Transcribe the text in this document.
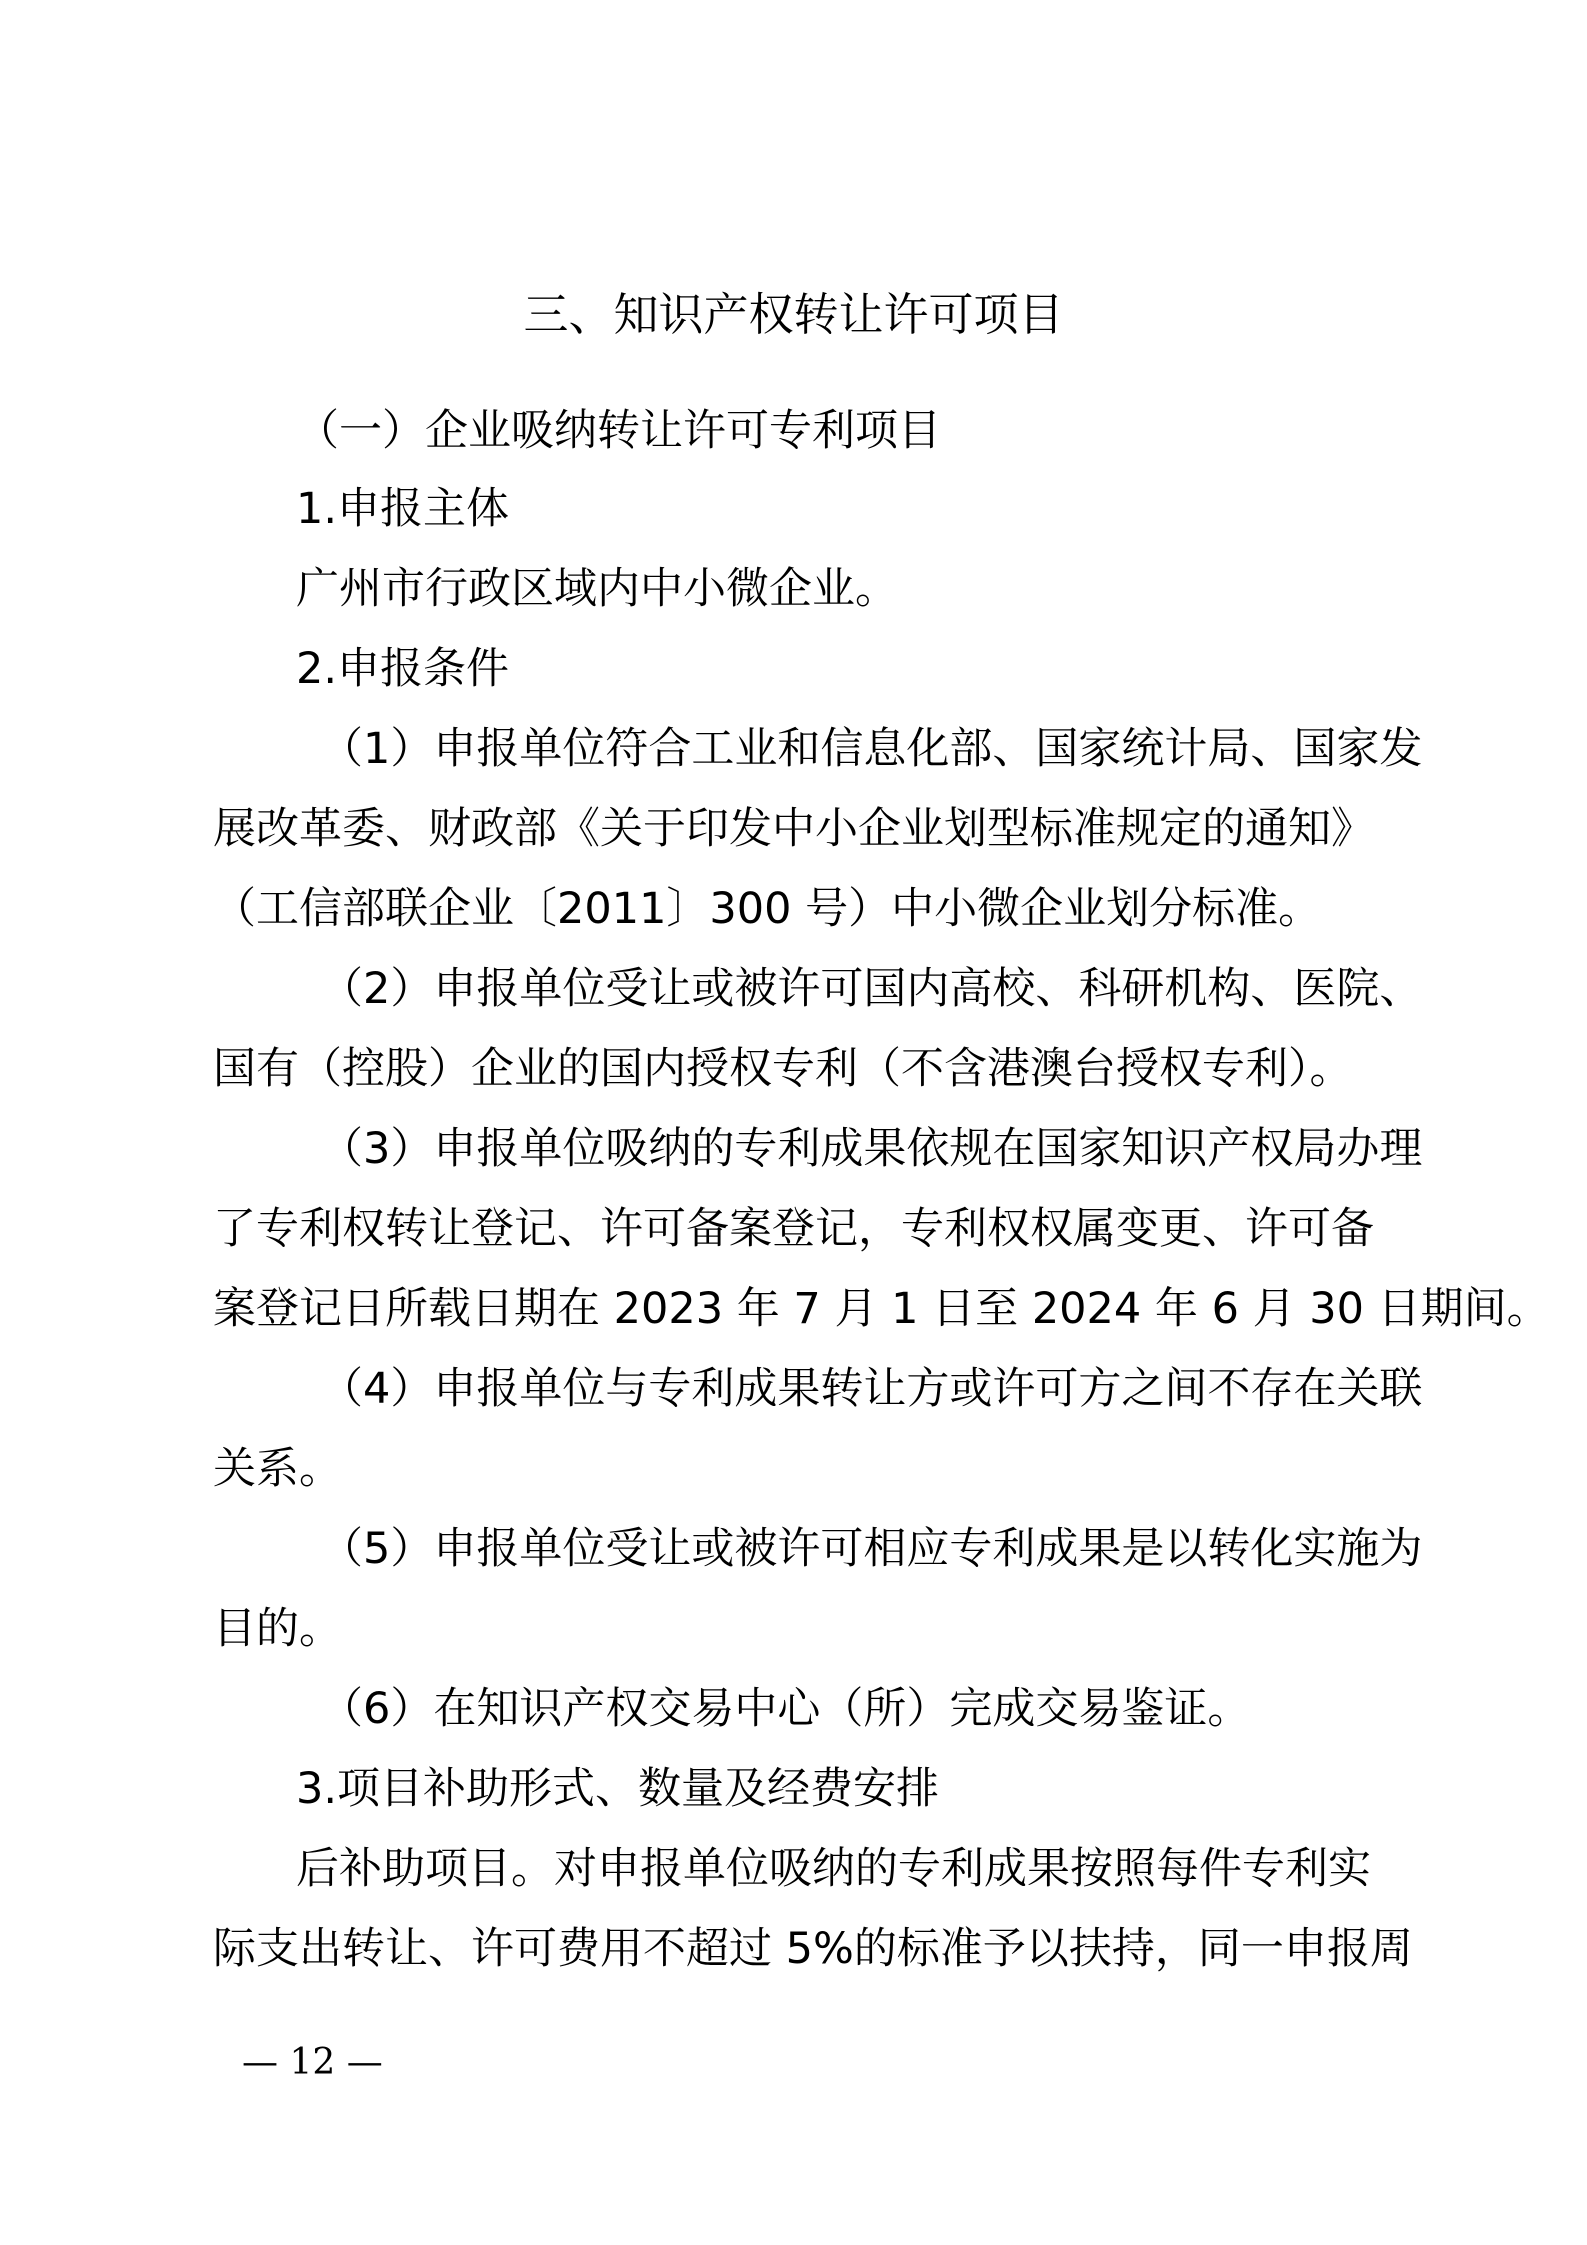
三、知识产权转让许可项目
（一）企业吸纳转让许可专利项目
1.申报主体
广州市行政区域内中小微企业。
2.申报条件
（1）申报单位符合工业和信息化部、国家统计局、国家发
展改革委、财政部《关于印发中小企业划型标准规定的通知》
（工信部联企业〔2011〕300 号）中小微企业划分标准。
（2）申报单位受让或被许可国内高校、科研机构、医院、
国有（控股）企业的国内授权专利（不含港澳台授权专利）。
（3）申报单位吸纳的专利成果依规在国家知识产权局办理
了专利权转让登记、许可备案登记，专利权权属变更、许可备
案登记日所载日期在 2023 年 7 月 1 日至 2024 年 6 月 30 日期间。
（4）申报单位与专利成果转让方或许可方之间不存在关联
关系。
（5）申报单位受让或被许可相应专利成果是以转化实施为
目的。
（6）在知识产权交易中心（所）完成交易鉴证。
3.项目补助形式、数量及经费安排
后补助项目。对申报单位吸纳的专利成果按照每件专利实
际支出转让、许可费用不超过 5%的标准予以扶持，同一申报周
— 12 —
